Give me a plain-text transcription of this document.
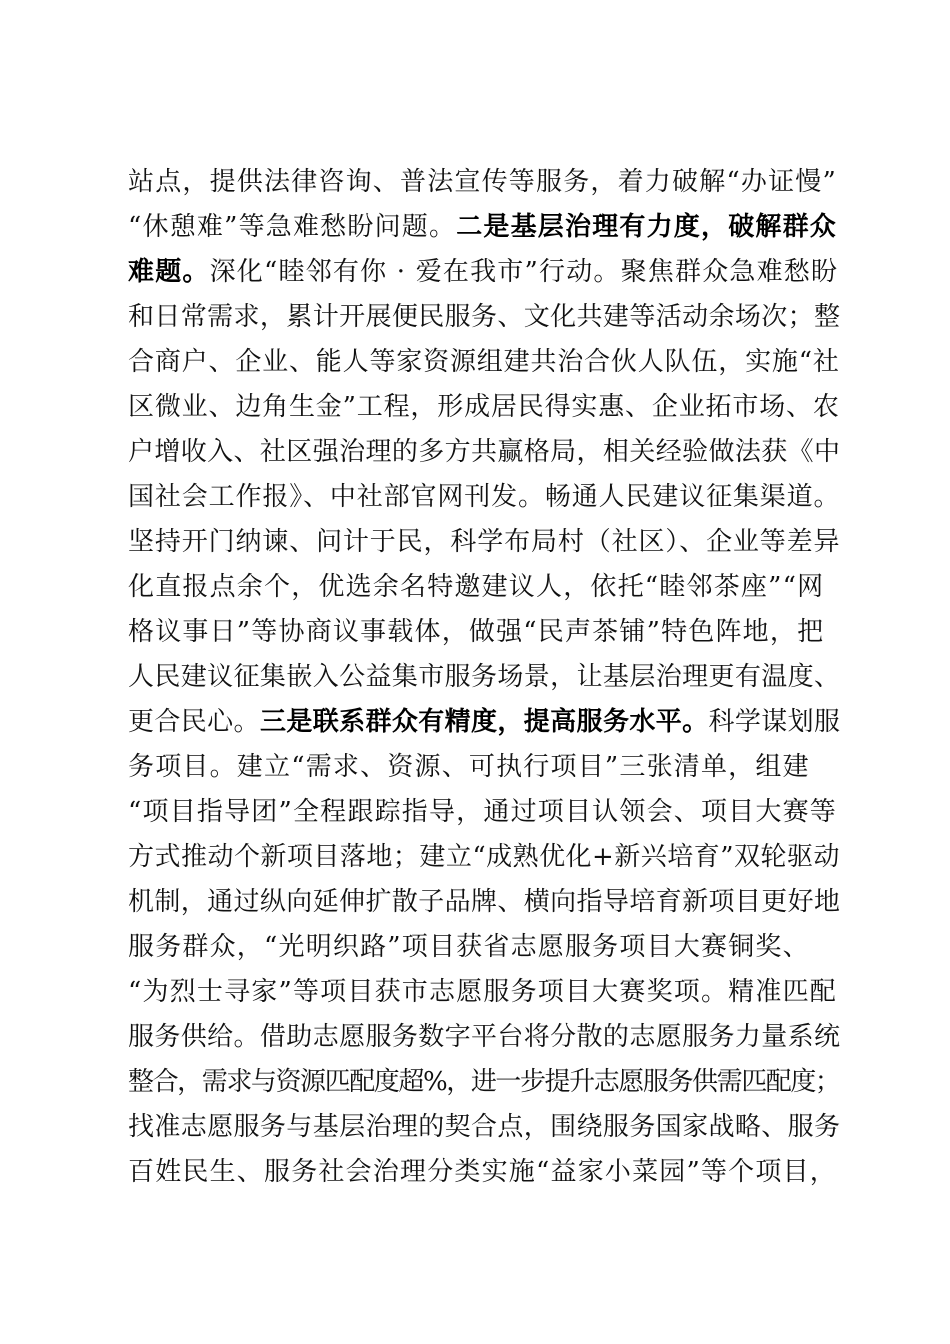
站点，提供法律咨询、普法宣传等服务，着力破解“办证慢”
“休憩难”等急难愁盼问题。二是基层治理有力度，破解群众
难题。深化“睦邻有你 · 爱在我市”行动。聚焦群众急难愁盼
和日常需求，累计开展便民服务、文化共建等活动余场次；整
合商户、企业、能人等家资源组建共治合伙人队伍，实施“社
区微业、边角生金”工程，形成居民得实惠、企业拓市场、农
户增收入、社区强治理的多方共赢格局，相关经验做法获《中
国社会工作报》、中社部官网刊发。畅通人民建议征集渠道。
坚持开门纳谏、问计于民，科学布局村（社区）、企业等差异
化直报点余个，优选余名特邀建议人，依托“睦邻茶座”“网
格议事日”等协商议事载体，做强“民声茶铺”特色阵地，把
人民建议征集嵌入公益集市服务场景，让基层治理更有温度、
更合民心。三是联系群众有精度，提高服务水平。科学谋划服
务项目。建立“需求、资源、可执行项目”三张清单，组建
“项目指导团”全程跟踪指导，通过项目认领会、项目大赛等
方式推动个新项目落地；建立“成熟优化+新兴培育”双轮驱动
机制，通过纵向延伸扩散子品牌、横向指导培育新项目更好地
服务群众，“光明织路”项目获省志愿服务项目大赛铜奖、
“为烈士寻家”等项目获市志愿服务项目大赛奖项。精准匹配
服务供给。借助志愿服务数字平台将分散的志愿服务力量系统
整合，需求与资源匹配度超%，进一步提升志愿服务供需匹配度；
找准志愿服务与基层治理的契合点，围绕服务国家战略、服务
百姓民生、服务社会治理分类实施“益家小菜园”等个项目，
